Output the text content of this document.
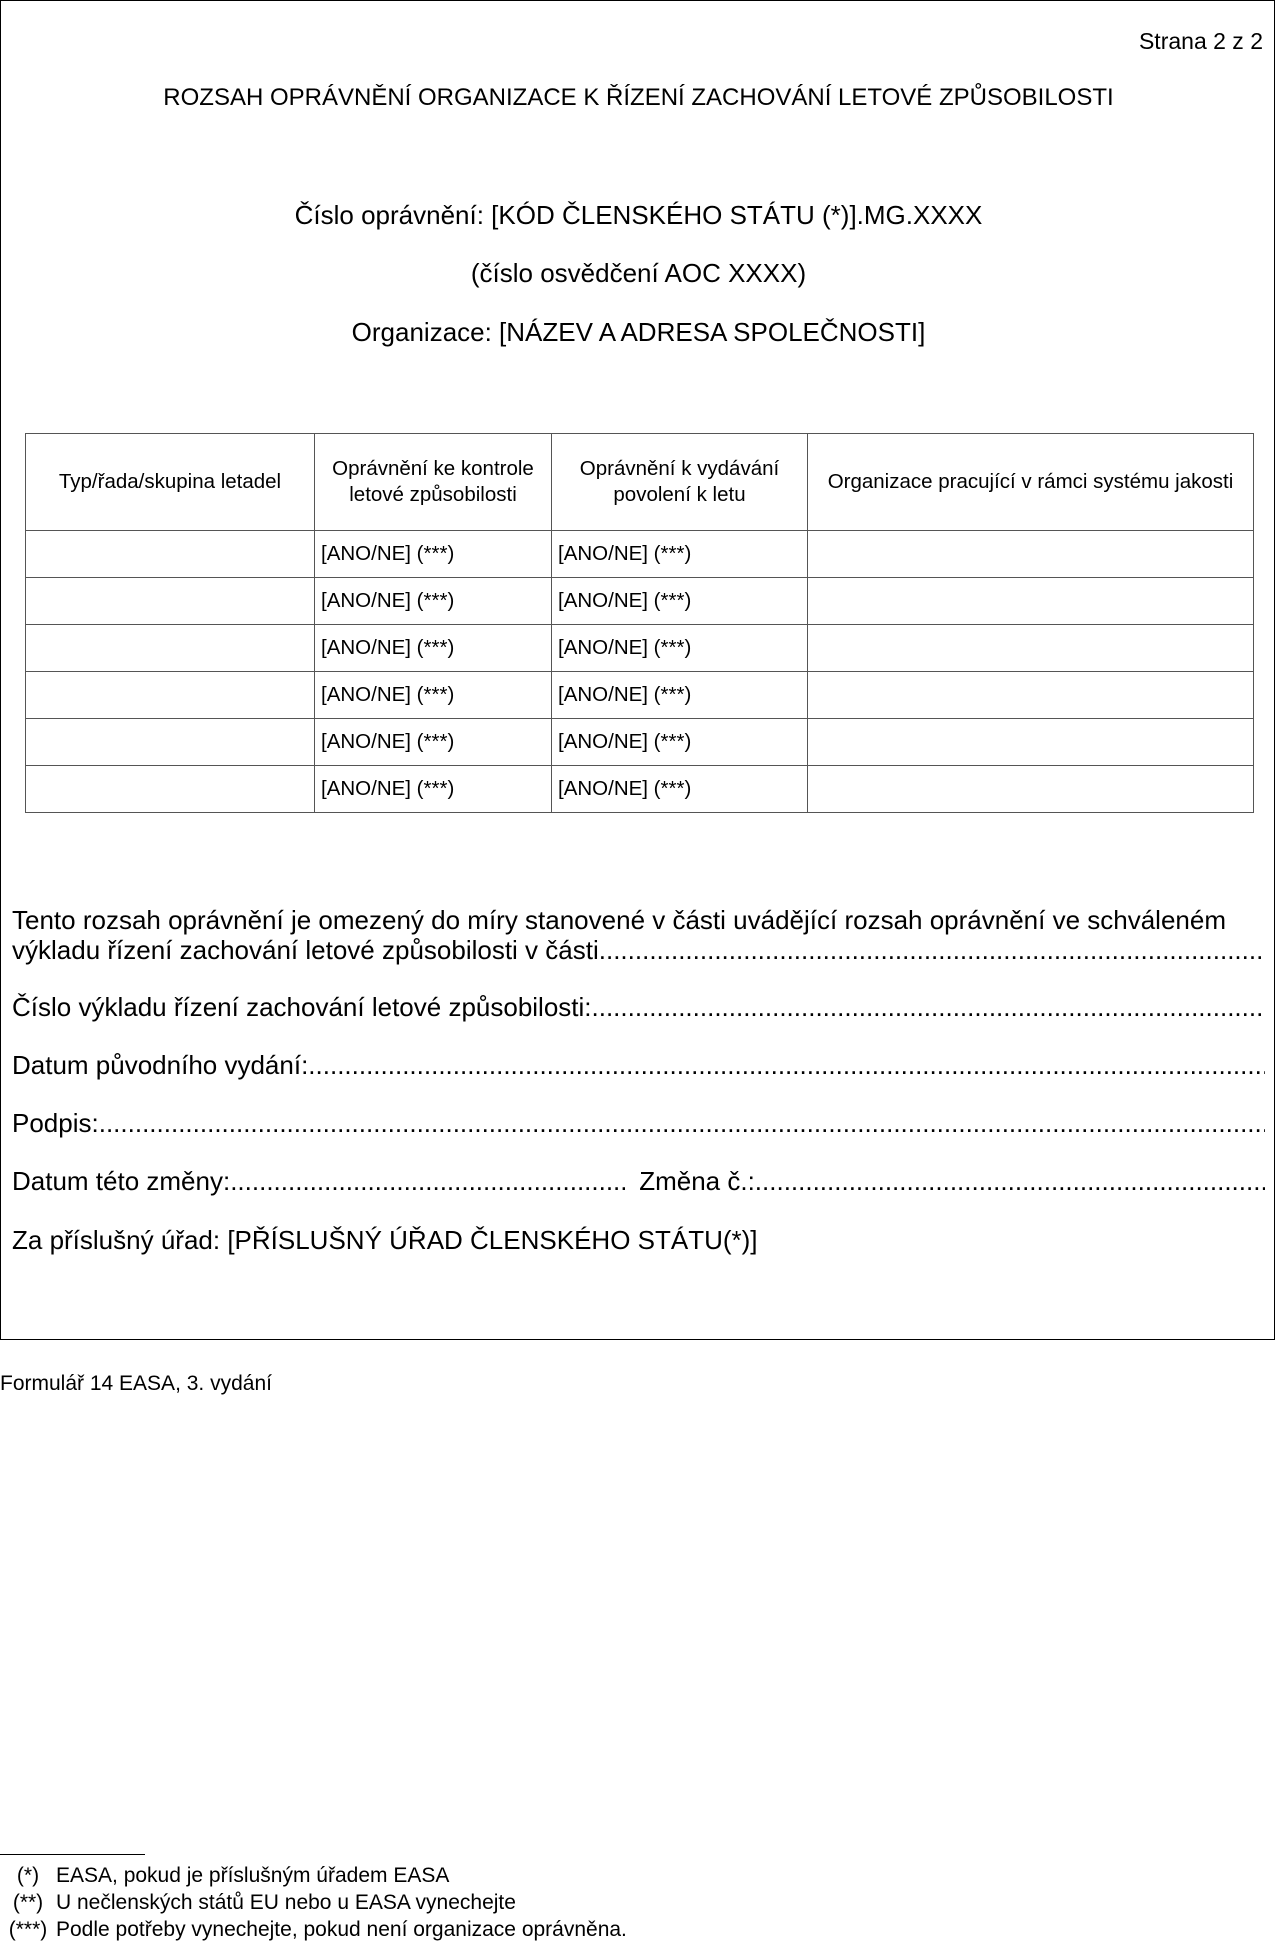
Strana 2 z 2
ROZSAH OPRÁVNĚNÍ ORGANIZACE K ŘÍZENÍ ZACHOVÁNÍ LETOVÉ ZPŮSOBILOSTI
Číslo oprávnění: [KÓD ČLENSKÉHO STÁTU (*)].MG.XXXX
(číslo osvědčení AOC XXXX)
Organizace: [NÁZEV A ADRESA SPOLEČNOSTI]
Typ/řada/skupina letadel	Oprávnění ke kontrole letové způsobilosti	Oprávnění k vydávání povolení k letu	Organizace pracující v rámci systému jakosti
	[ANO/NE] (***)	[ANO/NE] (***)	
	[ANO/NE] (***)	[ANO/NE] (***)	
	[ANO/NE] (***)	[ANO/NE] (***)	
	[ANO/NE] (***)	[ANO/NE] (***)	
	[ANO/NE] (***)	[ANO/NE] (***)	
	[ANO/NE] (***)	[ANO/NE] (***)	
Tento rozsah oprávnění je omezený do míry stanovené v části uvádějící rozsah oprávnění ve schváleném
výkladu řízení zachování letové způsobilosti v části
.....
Číslo výkladu řízení zachování letové způsobilosti:
.....
Datum původního vydání:
.....
Podpis:
.....
Datum této změny: .....	Změna č.:
.....
Za příslušný úřad: [PŘÍSLUŠNÝ ÚŘAD ČLENSKÉHO STÁTU(*)]
Formulář 14 EASA, 3. vydání
(*) EASA, pokud je příslušným úřadem EASA
(**) U nečlenských států EU nebo u EASA vynechejte
(***) Podle potřeby vynechejte, pokud není organizace oprávněna.
